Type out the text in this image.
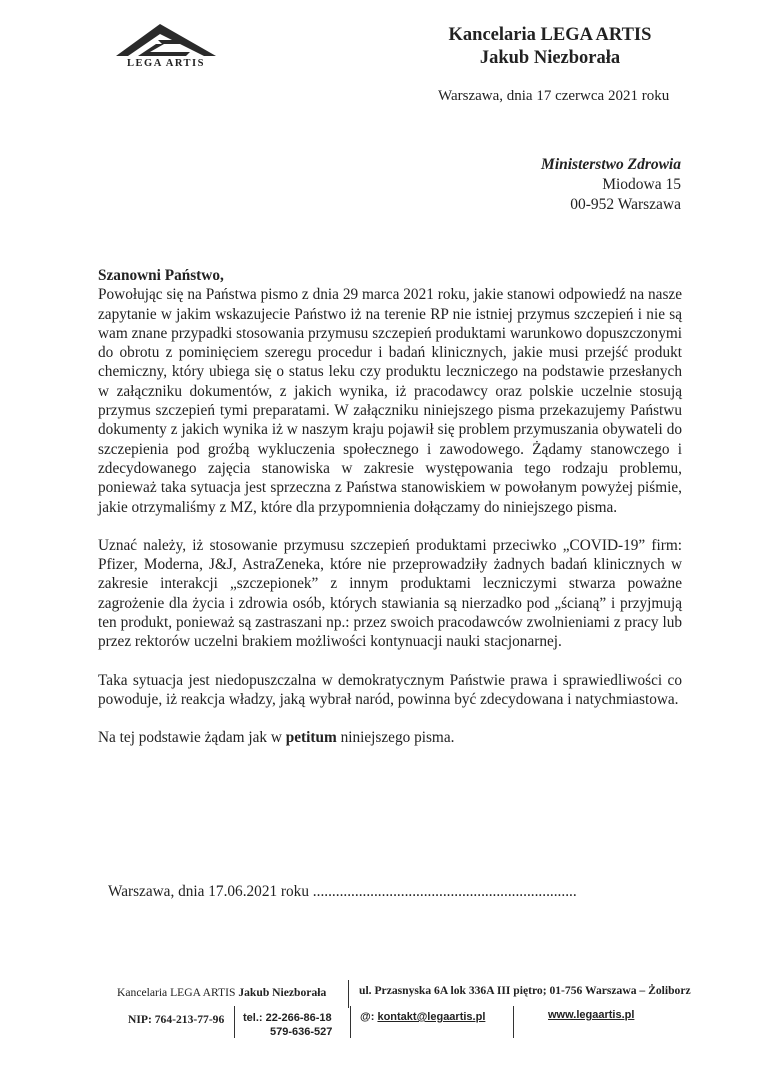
LEGA ARTIS
Kancelaria LEGA ARTIS
Jakub Niezborała
Warszawa, dnia 17 czerwca 2021 roku
Ministerstwo Zdrowia
Miodowa 15
00-952 Warszawa

Szanowni Państwo,

Powołując się na Państwa pismo z dnia 29 marca 2021 roku, jakie stanowi odpowiedź na nasze zapytanie w jakim wskazujecie Państwo iż na terenie RP nie istniej przymus szczepień i nie są wam znane przypadki stosowania przymusu szczepień produktami warunkowo dopuszczonymi do obrotu z pominięciem szeregu procedur i badań klinicznych, jakie musi przejść produkt chemiczny, który ubiega się o status leku czy produktu leczniczego na podstawie przesłanych w załączniku dokumentów, z jakich wynika, iż pracodawcy oraz polskie uczelnie stosują przymus szczepień tymi preparatami. W załączniku niniejszego pisma przekazujemy Państwu dokumenty z jakich wynika iż w naszym kraju pojawił się problem przymuszania obywateli do szczepienia pod groźbą wykluczenia społecznego i zawodowego. Żądamy stanowczego i zdecydowanego zajęcia stanowiska w zakresie występowania tego rodzaju problemu, ponieważ taka sytuacja jest sprzeczna z Państwa stanowiskiem w powołanym powyżej piśmie, jakie otrzymaliśmy z MZ, które dla przypomnienia dołączamy do niniejszego pisma.

Uznać należy, iż stosowanie przymusu szczepień produktami przeciwko „COVID-19” firm: Pfizer, Moderna, J&J, AstraZeneka, które nie przeprowadziły żadnych badań klinicznych w zakresie interakcji „szczepionek” z innym produktami leczniczymi stwarza poważne zagrożenie dla życia i zdrowia osób, których stawiania są nierzadko pod „ścianą” i przyjmują ten produkt, ponieważ są zastraszani np.: przez swoich pracodawców zwolnieniami z pracy lub przez rektorów uczelni brakiem możliwości kontynuacji nauki stacjonarnej.

Taka sytuacja jest niedopuszczalna w demokratycznym Państwie prawa i sprawiedliwości co powoduje, iż reakcja władzy, jaką wybrał naród, powinna być zdecydowana i natychmiastowa.

Na tej podstawie żądam jak w petitum niniejszego pisma.

Warszawa, dnia 17.06.2021 roku .....................................................................
Kancelaria LEGA ARTIS Jakub Niezborała	ul. Przasnyska 6A lok 336A III piętro; 01-756 Warszawa – Żoliborz
NIP: 764-213-77-96 tel.: 22-266-86-18
579-636-527
@: kontakt@legaartis.pl	www.legaartis.pl
